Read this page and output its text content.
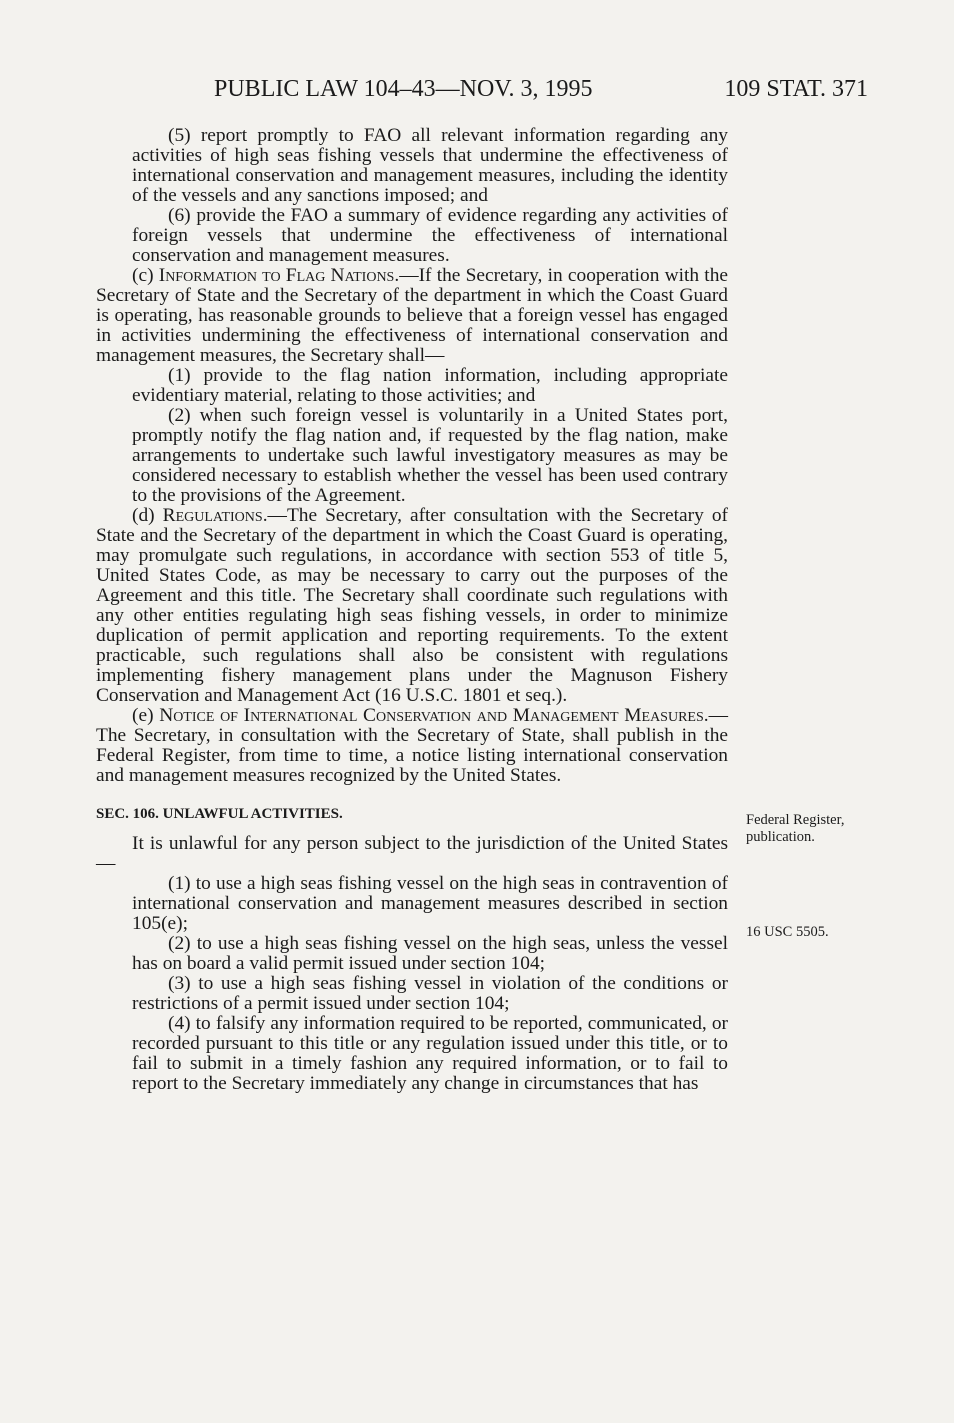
PUBLIC LAW 104–43—NOV. 3, 1995	109 STAT. 371

(5) report promptly to FAO all relevant information regarding any activities of high seas fishing vessels that undermine the effectiveness of international conservation and management measures, including the identity of the vessels and any sanctions imposed; and

(6) provide the FAO a summary of evidence regarding any activities of foreign vessels that undermine the effectiveness of international conservation and management measures.

(c) Information to Flag Nations.—If the Secretary, in cooperation with the Secretary of State and the Secretary of the department in which the Coast Guard is operating, has reasonable grounds to believe that a foreign vessel has engaged in activities undermining the effectiveness of international conservation and management measures, the Secretary shall—

(1) provide to the flag nation information, including appropriate evidentiary material, relating to those activities; and

(2) when such foreign vessel is voluntarily in a United States port, promptly notify the flag nation and, if requested by the flag nation, make arrangements to undertake such lawful investigatory measures as may be considered necessary to establish whether the vessel has been used contrary to the provisions of the Agreement.

(d) Regulations.—The Secretary, after consultation with the Secretary of State and the Secretary of the department in which the Coast Guard is operating, may promulgate such regulations, in accordance with section 553 of title 5, United States Code, as may be necessary to carry out the purposes of the Agreement and this title. The Secretary shall coordinate such regulations with any other entities regulating high seas fishing vessels, in order to minimize duplication of permit application and reporting requirements. To the extent practicable, such regulations shall also be consistent with regulations implementing fishery management plans under the Magnuson Fishery Conservation and Management Act (16 U.S.C. 1801 et seq.).

(e) Notice of International Conservation and Management Measures.—The Secretary, in consultation with the Secretary of State, shall publish in the Federal Register, from time to time, a notice listing international conservation and management measures recognized by the United States.

SEC. 106. UNLAWFUL ACTIVITIES.

It is unlawful for any person subject to the jurisdiction of the United States—

(1) to use a high seas fishing vessel on the high seas in contravention of international conservation and management measures described in section 105(e);

(2) to use a high seas fishing vessel on the high seas, unless the vessel has on board a valid permit issued under section 104;

(3) to use a high seas fishing vessel in violation of the conditions or restrictions of a permit issued under section 104;

(4) to falsify any information required to be reported, communicated, or recorded pursuant to this title or any regulation issued under this title, or to fail to submit in a timely fashion any required information, or to fail to report to the Secretary immediately any change in circumstances that has

Federal Register,
publication.
16 USC 5505.
